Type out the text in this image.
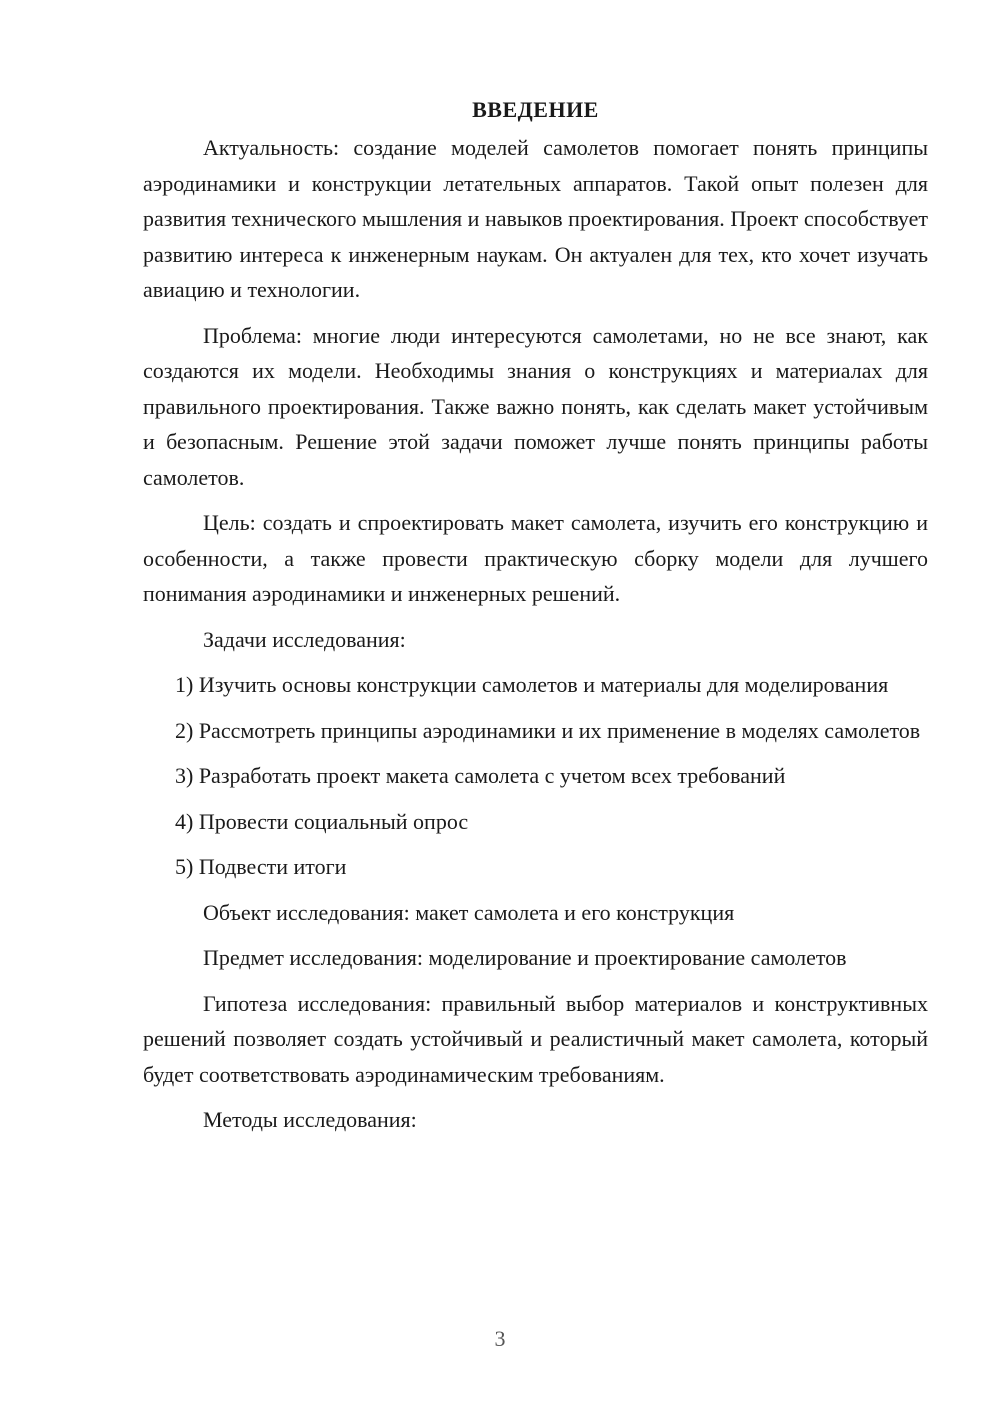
ВВЕДЕНИЕ

Актуальность: создание моделей самолетов помогает понять принципы аэродинамики и конструкции летательных аппаратов. Такой опыт полезен для развития технического мышления и навыков проектирования. Проект способствует развитию интереса к инженерным наукам. Он актуален для тех, кто хочет изучать авиацию и технологии.

Проблема: многие люди интересуются самолетами, но не все знают, как создаются их модели. Необходимы знания о конструкциях и материалах для правильного проектирования. Также важно понять, как сделать макет устойчивым и безопасным. Решение этой задачи поможет лучше понять принципы работы самолетов.

Цель: создать и спроектировать макет самолета, изучить его конструкцию и особенности, а также провести практическую сборку модели для лучшего понимания аэродинамики и инженерных решений.

Задачи исследования:

1) Изучить основы конструкции самолетов и материалы для моделирования

2) Рассмотреть принципы аэродинамики и их применение в моделях самолетов

3) Разработать проект макета самолета с учетом всех требований

4) Провести социальный опрос

5) Подвести итоги

Объект исследования: макет самолета и его конструкция

Предмет исследования: моделирование и проектирование самолетов

Гипотеза исследования: правильный выбор материалов и конструктивных решений позволяет создать устойчивый и реалистичный макет самолета, который будет соответствовать аэродинамическим требованиям.

Методы исследования:

3
